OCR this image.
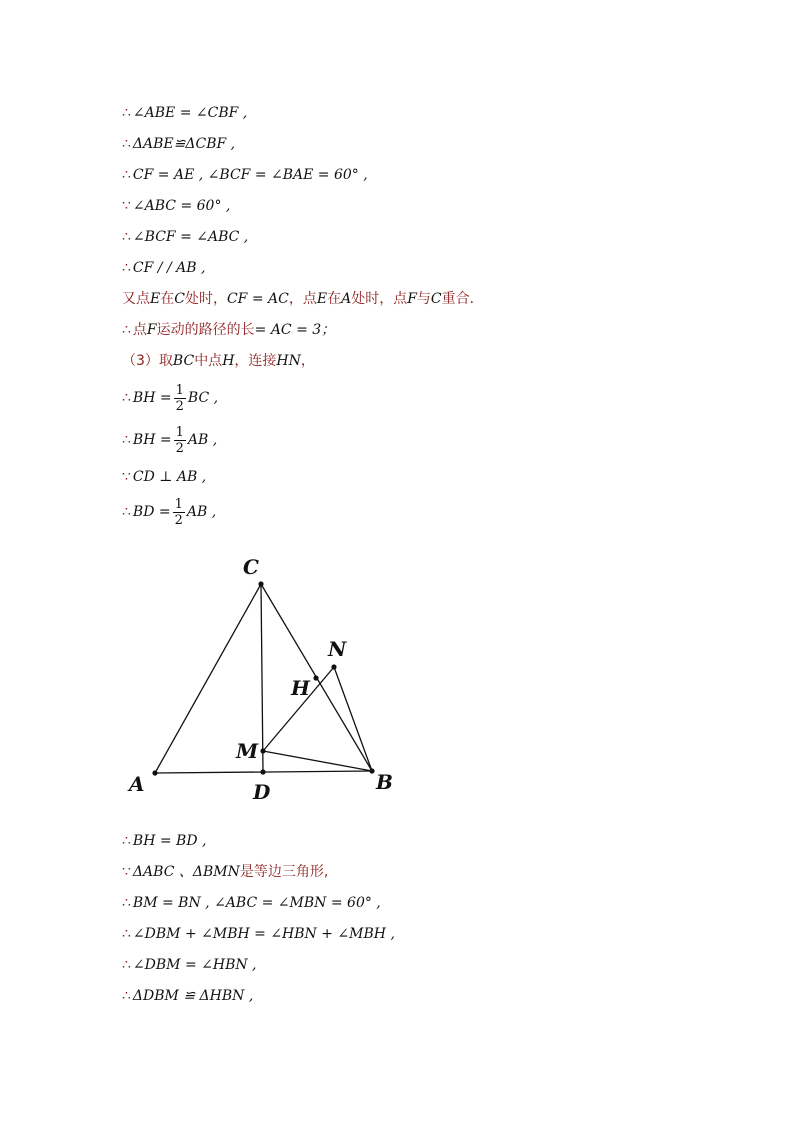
∴ ∠ABE = ∠CBF ,
∴ ΔABE≌ΔCBF ,
∴ CF = AE , ∠BCF = ∠BAE = 60° ,
∵ ∠ABC = 60° ,
∴ ∠BCF = ∠ABC ,
∴ CF / / AB ,
又点E在C处时，CF = AC，点E在A处时，点F与C重合．
∴ 点F运动的路径的长= AC = 3；
（3）取BC中点H，连接HN，
∴ BH = $\frac{1}{2}$ BC ,
∴ BH = $\frac{1}{2}$ AB ,
∵ CD ⊥ AB ,
∴ BD = $\frac{1}{2}$ AB ,
C
N
H
M
A	D	B
∴ BH = BD ,
∵ ΔABC 、ΔBMN是等边三角形,
∴ BM = BN , ∠ABC = ∠MBN = 60° ,
∴ ∠DBM + ∠MBH = ∠HBN + ∠MBH ,
∴ ∠DBM = ∠HBN ,
∴ ΔDBM ≌ ΔHBN ,
